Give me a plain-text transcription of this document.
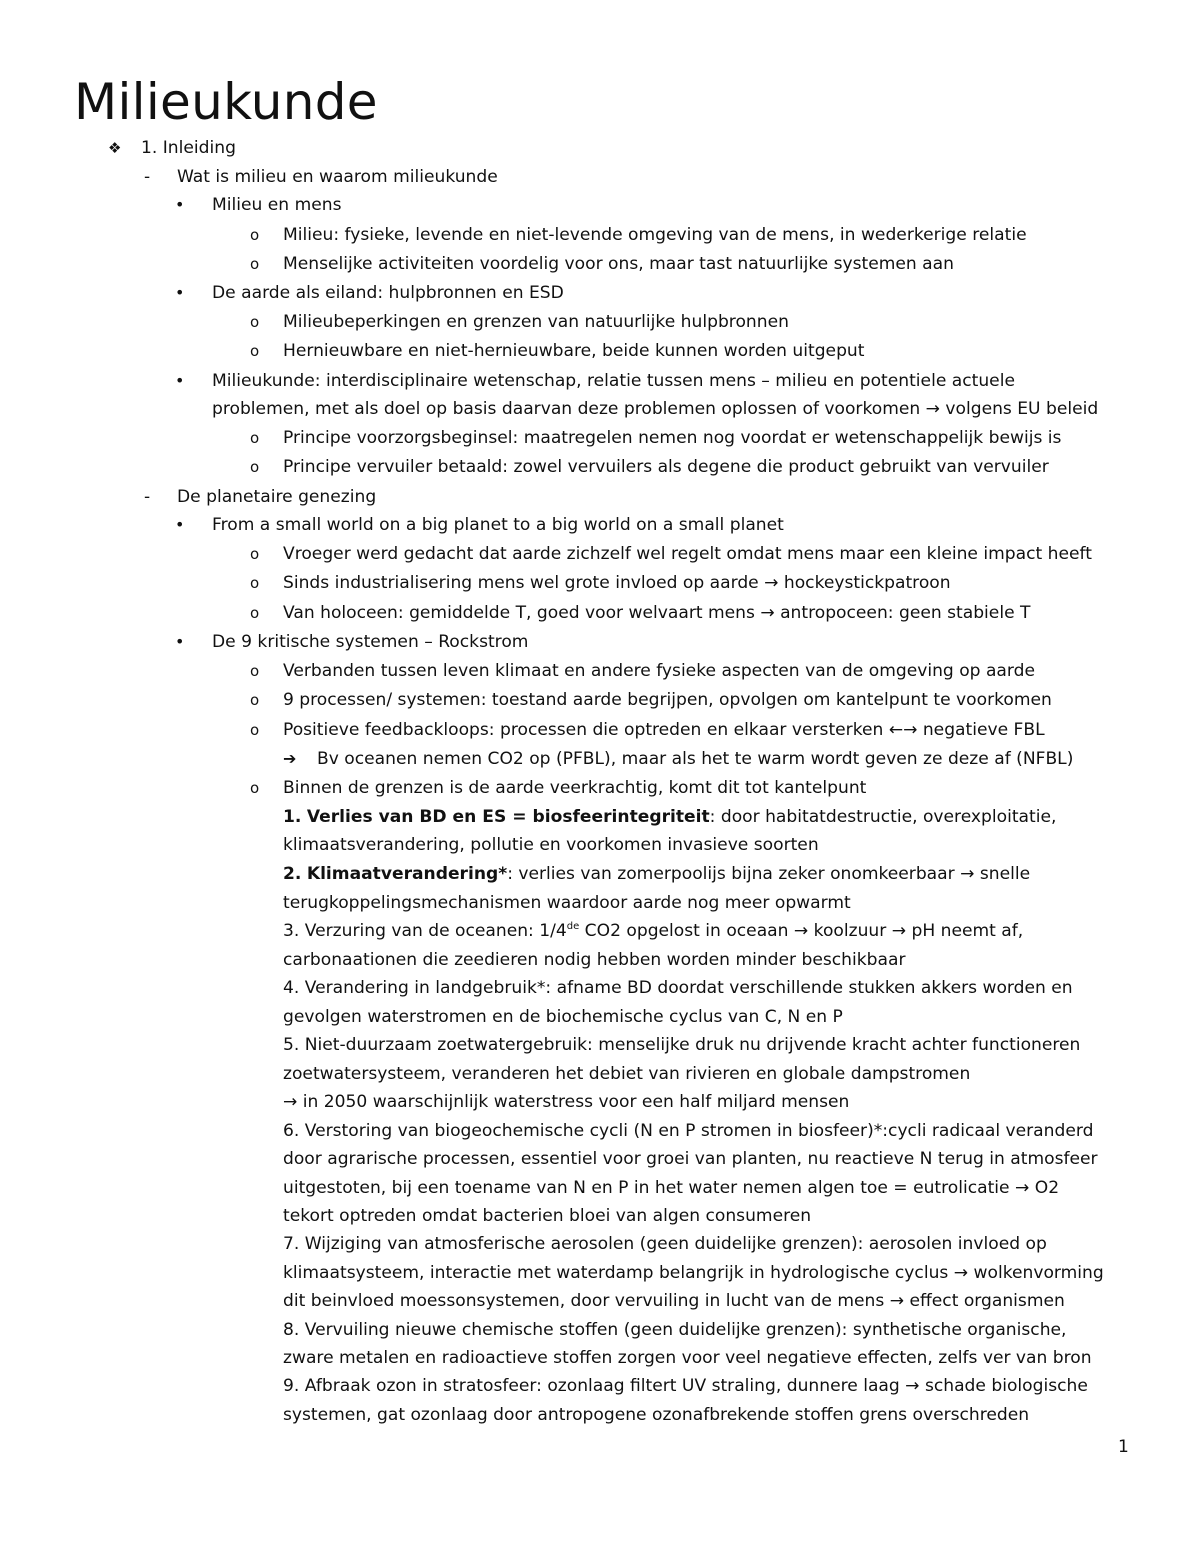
Milieukunde
❖ 1. Inleiding
- Wat is milieu en waarom milieukunde
• Milieu en mens
o Milieu: fysieke, levende en niet-levende omgeving van de mens, in wederkerige relatie
o Menselijke activiteiten voordelig voor ons, maar tast natuurlijke systemen aan
• De aarde als eiland: hulpbronnen en ESD
o Milieubeperkingen en grenzen van natuurlijke hulpbronnen
o Hernieuwbare en niet-hernieuwbare, beide kunnen worden uitgeput
• Milieukunde: interdisciplinaire wetenschap, relatie tussen mens – milieu en potentiele actuele
problemen, met als doel op basis daarvan deze problemen oplossen of voorkomen → volgens EU beleid
o Principe voorzorgsbeginsel: maatregelen nemen nog voordat er wetenschappelijk bewijs is
o Principe vervuiler betaald: zowel vervuilers als degene die product gebruikt van vervuiler
- De planetaire genezing
• From a small world on a big planet to a big world on a small planet
o Vroeger werd gedacht dat aarde zichzelf wel regelt omdat mens maar een kleine impact heeft
o Sinds industrialisering mens wel grote invloed op aarde → hockeystickpatroon
o Van holoceen: gemiddelde T, goed voor welvaart mens → antropoceen: geen stabiele T
• De 9 kritische systemen – Rockstrom
o Verbanden tussen leven klimaat en andere fysieke aspecten van de omgeving op aarde
o 9 processen/ systemen: toestand aarde begrijpen, opvolgen om kantelpunt te voorkomen
o Positieve feedbackloops: processen die optreden en elkaar versterken ←→ negatieve FBL
➔ Bv oceanen nemen CO2 op (PFBL), maar als het te warm wordt geven ze deze af (NFBL)
o Binnen de grenzen is de aarde veerkrachtig, komt dit tot kantelpunt
1. Verlies van BD en ES = biosfeerintegriteit: door habitatdestructie, overexploitatie,
klimaatsverandering, pollutie en voorkomen invasieve soorten
2. Klimaatverandering*: verlies van zomerpoolijs bijna zeker onomkeerbaar → snelle
terugkoppelingsmechanismen waardoor aarde nog meer opwarmt
3. Verzuring van de oceanen: 1/4de CO2 opgelost in oceaan → koolzuur → pH neemt af,
carbonaationen die zeedieren nodig hebben worden minder beschikbaar
4. Verandering in landgebruik*: afname BD doordat verschillende stukken akkers worden en
gevolgen waterstromen en de biochemische cyclus van C, N en P
5. Niet-duurzaam zoetwatergebruik: menselijke druk nu drijvende kracht achter functioneren
zoetwatersysteem, veranderen het debiet van rivieren en globale dampstromen
→ in 2050 waarschijnlijk waterstress voor een half miljard mensen
6. Verstoring van biogeochemische cycli (N en P stromen in biosfeer)*:cycli radicaal veranderd
door agrarische processen, essentiel voor groei van planten, nu reactieve N terug in atmosfeer
uitgestoten, bij een toename van N en P in het water nemen algen toe = eutrolicatie → O2
tekort optreden omdat bacterien bloei van algen consumeren
7. Wijziging van atmosferische aerosolen (geen duidelijke grenzen): aerosolen invloed op
klimaatsysteem, interactie met waterdamp belangrijk in hydrologische cyclus → wolkenvorming
dit beinvloed moessonsystemen, door vervuiling in lucht van de mens → effect organismen
8. Vervuiling nieuwe chemische stoffen (geen duidelijke grenzen): synthetische organische,
zware metalen en radioactieve stoffen zorgen voor veel negatieve effecten, zelfs ver van bron
9. Afbraak ozon in stratosfeer: ozonlaag filtert UV straling, dunnere laag → schade biologische
systemen, gat ozonlaag door antropogene ozonafbrekende stoffen grens overschreden
1
